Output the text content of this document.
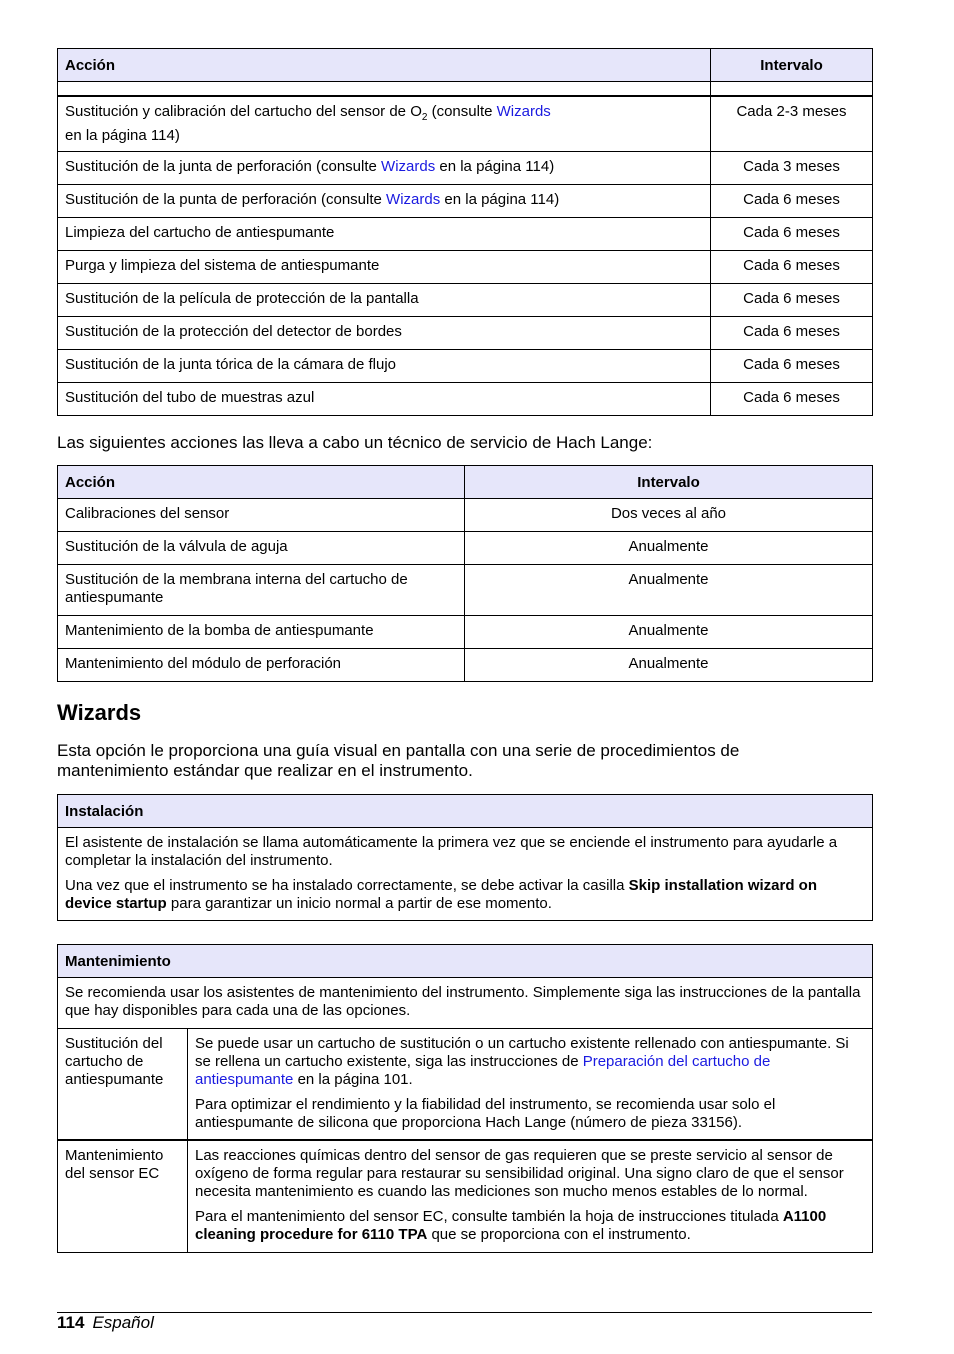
Acción	Intervalo

Sustitución y calibración del cartucho del sensor de $O_2$ (consulte Wizards
en la página 114)	Cada 2-3 meses
Sustitución de la junta de perforación (consulte Wizards en la página 114)	Cada 3 meses
Sustitución de la punta de perforación (consulte Wizards en la página 114)	Cada 6 meses
Limpieza del cartucho de antiespumante	Cada 6 meses
Purga y limpieza del sistema de antiespumante	Cada 6 meses
Sustitución de la película de protección de la pantalla	Cada 6 meses
Sustitución de la protección del detector de bordes	Cada 6 meses
Sustitución de la junta tórica de la cámara de flujo	Cada 6 meses
Sustitución del tubo de muestras azul	Cada 6 meses

Las siguientes acciones las lleva a cabo un técnico de servicio de Hach Lange:

Acción	Intervalo
Calibraciones del sensor	Dos veces al año
Sustitución de la válvula de aguja	Anualmente
Sustitución de la membrana interna del cartucho de antiespumante	Anualmente
Mantenimiento de la bomba de antiespumante	Anualmente
Mantenimiento del módulo de perforación	Anualmente
Wizards

Esta opción le proporciona una guía visual en pantalla con una serie de procedimientos de mantenimiento estándar que realizar en el instrumento.

Instalación

El asistente de instalación se llama automáticamente la primera vez que se enciende el instrumento para ayudarle a completar la instalación del instrumento.

Una vez que el instrumento se ha instalado correctamente, se debe activar la casilla Skip installation wizard on device startup para garantizar un inicio normal a partir de ese momento.

Mantenimiento	
Se recomienda usar los asistentes de mantenimiento del instrumento. Simplemente siga las instrucciones de la pantalla que hay disponibles para cada una de las opciones.	
Sustitución del cartucho de antiespumante	Se puede usar un cartucho de sustitución o un cartucho existente rellenado con antiespumante. Si se rellena un cartucho existente, siga las instrucciones de Preparación del cartucho de antiespumante en la página 101.

Para optimizar el rendimiento y la fiabilidad del instrumento, se recomienda usar solo el antiespumante de silicona que proporciona Hach Lange (número de pieza 33156).

Mantenimiento del sensor EC	Las reacciones químicas dentro del sensor de gas requieren que se preste servicio al sensor de oxígeno de forma regular para restaurar su sensibilidad original. Una signo claro de que el sensor necesita mantenimiento es cuando las mediciones son mucho menos estables de lo normal.

Para el mantenimiento del sensor EC, consulte también la hoja de instrucciones titulada A1100 cleaning procedure for 6110 TPA que se proporciona con el instrumento.

114 Español
